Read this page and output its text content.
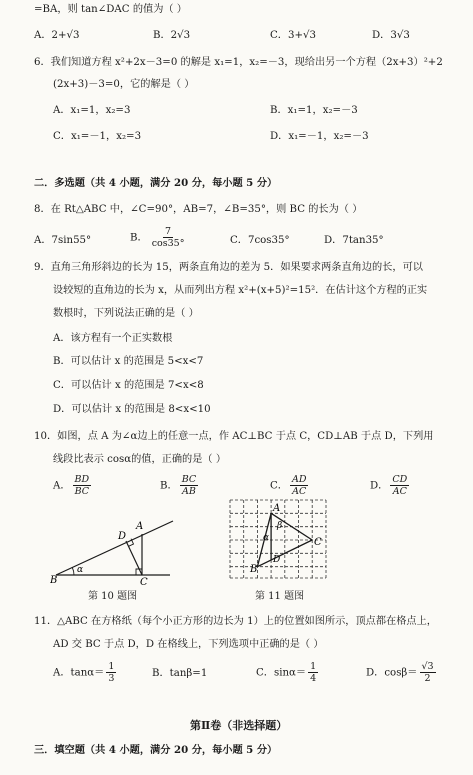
=BA，则 tan∠DAC 的值为（ ）
A．2+√3	B．2√3	C．3+√3	D．3√3
6．我们知道方程 x²+2x－3=0 的解是 x₁=1，x₂=－3，现给出另一个方程（2x+3）²+2
(2x+3)－3=0，它的解是（ ）
A．x₁=1，x₂=3	B．x₁=1，x₂=－3
C．x₁=－1，x₂=3	D．x₁=－1，x₂=－3
二．多选题（共 4 小题，满分 20 分，每小题 5 分）
8．在 Rt△ABC 中，∠C=90°，AB=7，∠B=35°，则 BC 的长为（ ）
A．7sin55°	B． $\frac{7}{\cos 35^\circ}$	C．7cos35°	D．7tan35°
9．直角三角形斜边的长为 15，两条直角边的差为 5．如果要求两条直角边的长，可以
设较短的直角边的长为 x，从而列出方程 x²+(x+5)²=15²．在估计这个方程的正实
数根时，下列说法正确的是（ ）
A．该方程有一个正实数根
B．可以估计 x 的范围是 5<x<7
C．可以估计 x 的范围是 7<x<8
D．可以估计 x 的范围是 8<x<10
10．如图，点 A 为∠α边上的任意一点，作 AC⊥BC 于点 C，CD⊥AB 于点 D，下列用
线段比表示 cosα的值，正确的是（ ）
A． $\frac{BD}{BC}$	B． $\frac{BC}{AB}$	C． $\frac{AD}{AC}$	D． $\frac{CD}{AC}$
D
A
B	C
α
第 10 题图
A
B
C
D
α
β
第 11 题图
11．△ABC 在方格纸（每个小正方形的边长为 1）上的位置如图所示，顶点都在格点上，
AD 交 BC 于点 D，D 在格线上，下列选项中正确的是（ ）
A．$\tan\alpha= \frac{1}{3}$	B．tanβ=1	C．$\sin\alpha= \frac{1}{4}$	D．$\cos\beta= \frac{√3}{2}$
第Ⅱ卷（非选择题）
三．填空题（共 4 小题，满分 20 分，每小题 5 分）
